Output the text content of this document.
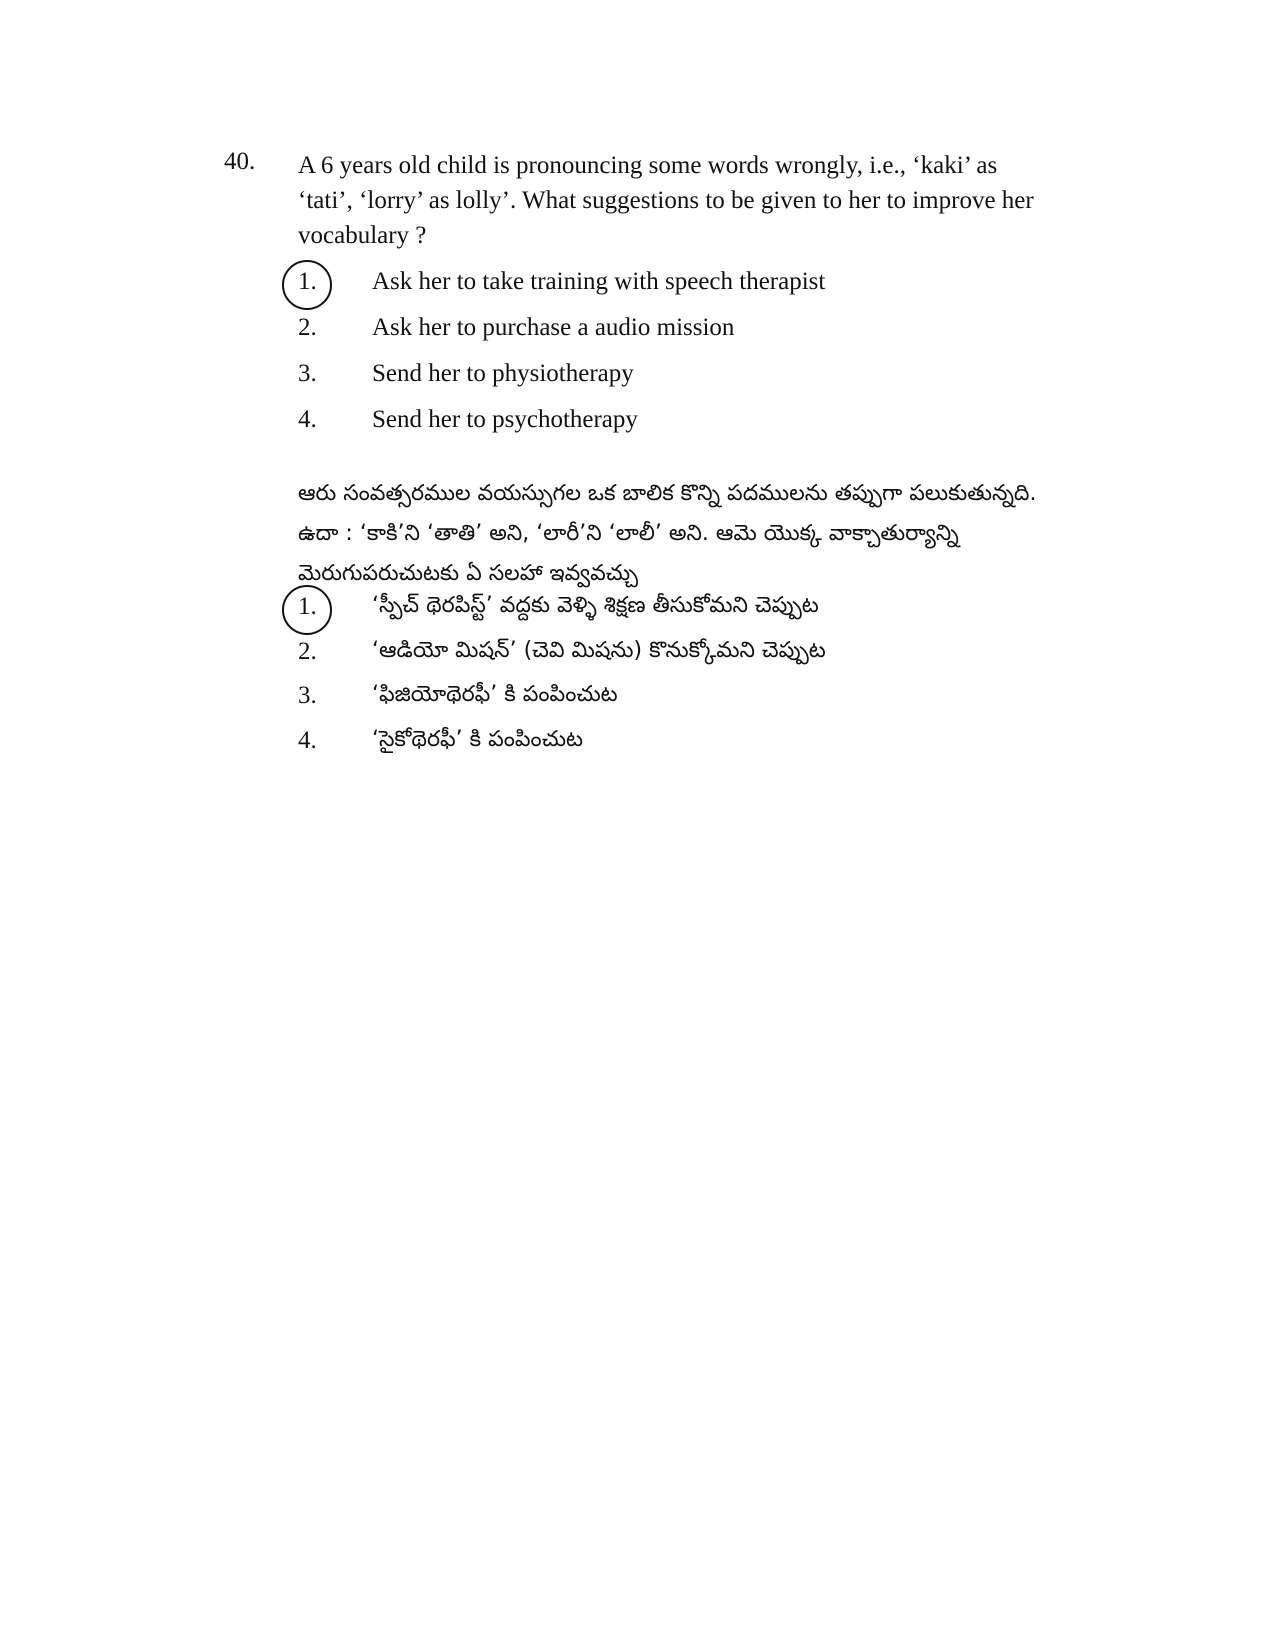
40. A 6 years old child is pronouncing some words wrongly, i.e., ‘kaki’ as ‘tati’, ‘lorry’ as lolly’. What suggestions to be given to her to improve her vocabulary ?
1.	Ask her to take training with speech therapist
2.	Ask her to purchase a audio mission
3.	Send her to physiotherapy
4.	Send her to psychotherapy
ఆరు సంవత్సరముల వయస్సుగల ఒక బాలిక కొన్ని పదములను తప్పుగా పలుకుతున్నది. ఉదా : ‘కాకి’ని ‘తాతి’ అని, ‘లారీ’ని ‘లాలీ’ అని. ఆమె యొక్క వాక్చాతుర్యాన్ని మెరుగుపరుచుటకు ఏ సలహా ఇవ్వవచ్చు
1.	‘స్పీచ్ థెరపిస్ట్’ వద్దకు వెళ్ళి శిక్షణ తీసుకోమని చెప్పుట
2.	‘ఆడియో మిషన్’ (చెవి మిషను) కొనుక్కోమని చెప్పుట
3.	‘ఫిజియోథెరఫీ’ కి పంపించుట
4.	‘సైకోథెరఫీ’ కి పంపించుట
